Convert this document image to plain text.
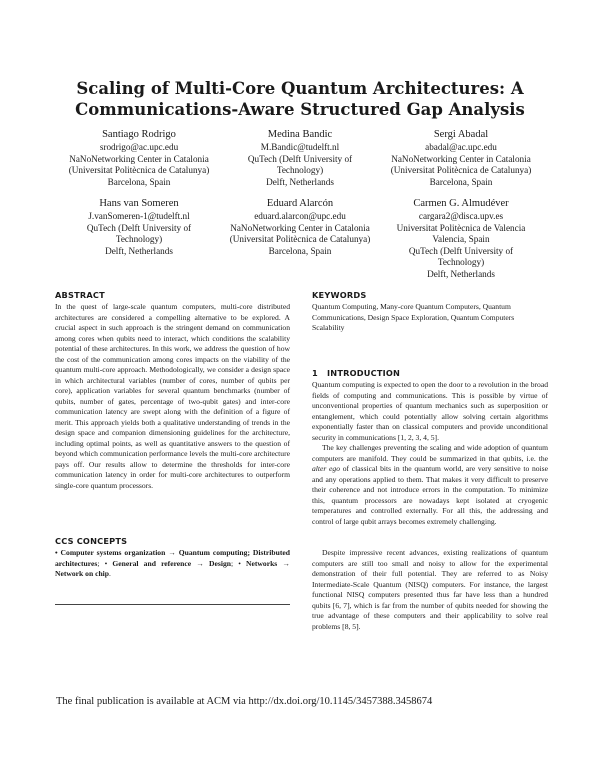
Scaling of Multi-Core Quantum Architectures: A
Communications-Aware Structured Gap Analysis
Santiago Rodrigo
srodrigo@ac.upc.edu
NaNoNetworking Center in Catalonia
(Universitat Politècnica de Catalunya)
Barcelona, Spain
Medina Bandic
M.Bandic@tudelft.nl
QuTech (Delft University of
Technology)
Delft, Netherlands
Sergi Abadal
abadal@ac.upc.edu
NaNoNetworking Center in Catalonia
(Universitat Politècnica de Catalunya)
Barcelona, Spain
Hans van Someren
J.vanSomeren-1@tudelft.nl
QuTech (Delft University of
Technology)
Delft, Netherlands
Eduard Alarcón
eduard.alarcon@upc.edu
NaNoNetworking Center in Catalonia
(Universitat Politècnica de Catalunya)
Barcelona, Spain
Carmen G. Almudéver
cargara2@disca.upv.es
Universitat Politècnica de Valencia
Valencia, Spain
QuTech (Delft University of
Technology)
Delft, Netherlands
ABSTRACT

In the quest of large-scale quantum computers, multi-core distributed architectures are considered a compelling alternative to be explored. A crucial aspect in such approach is the stringent demand on communication among cores when qubits need to interact, which conditions the scalability potential of these architectures. In this work, we address the question of how the cost of the communication among cores impacts on the viability of the quantum multi-core approach. Methodologically, we consider a design space in which architectural variables (number of cores, number of qubits per core), application variables for several quantum benchmarks (number of qubits, number of gates, percentage of two-qubit gates) and inter-core communication latency are swept along with the definition of a figure of merit. This approach yields both a qualitative understanding of trends in the design space and companion dimensioning guidelines for the architecture, including optimal points, as well as quantitative answers to the question of beyond which communication performance levels the multi-core architecture pays off. Our results allow to determine the thresholds for inter-core communication latency in order for multi-core architectures to outperform single-core quantum processors.

CCS CONCEPTS

• Computer systems organization → Quantum computing; Distributed architectures; • General and reference → Design; • Networks → Network on chip.

KEYWORDS

Quantum Computing, Many-core Quantum Computers, Quantum Communications, Design Space Exploration, Quantum Computers Scalability

1   INTRODUCTION

Quantum computing is expected to open the door to a revolution in the broad fields of computing and communications. This is possible by virtue of unconventional properties of quantum mechanics such as superposition or entanglement, which could potentially allow solving certain algorithms exponentially faster than on classical computers and provide unconditional security in communications [1, 2, 3, 4, 5].

The key challenges preventing the scaling and wide adoption of quantum computers are manifold. They could be summarized in that qubits, i.e. the alter ego of classical bits in the quantum world, are very sensitive to noise and any operations applied to them. That makes it very difficult to preserve their coherence and not introduce errors in the computation. To minimize this, quantum processors are nowadays kept isolated at cryogenic temperatures and controlled externally. For all this, the addressing and control of large qubit arrays becomes extremely challenging.

Despite impressive recent advances, existing realizations of quantum computers are still too small and noisy to allow for the experimental demonstration of their full potential. They are referred to as Noisy Intermediate-Scale Quantum (NISQ) computers. For instance, the largest functional NISQ computers presented thus far have less than a hundred qubits [6, 7], which is far from the number of qubits needed for showing the true advantage of these computers and their applicability to solve real problems [8, 5].

The final publication is available at ACM via http://dx.doi.org/10.1145/3457388.3458674
